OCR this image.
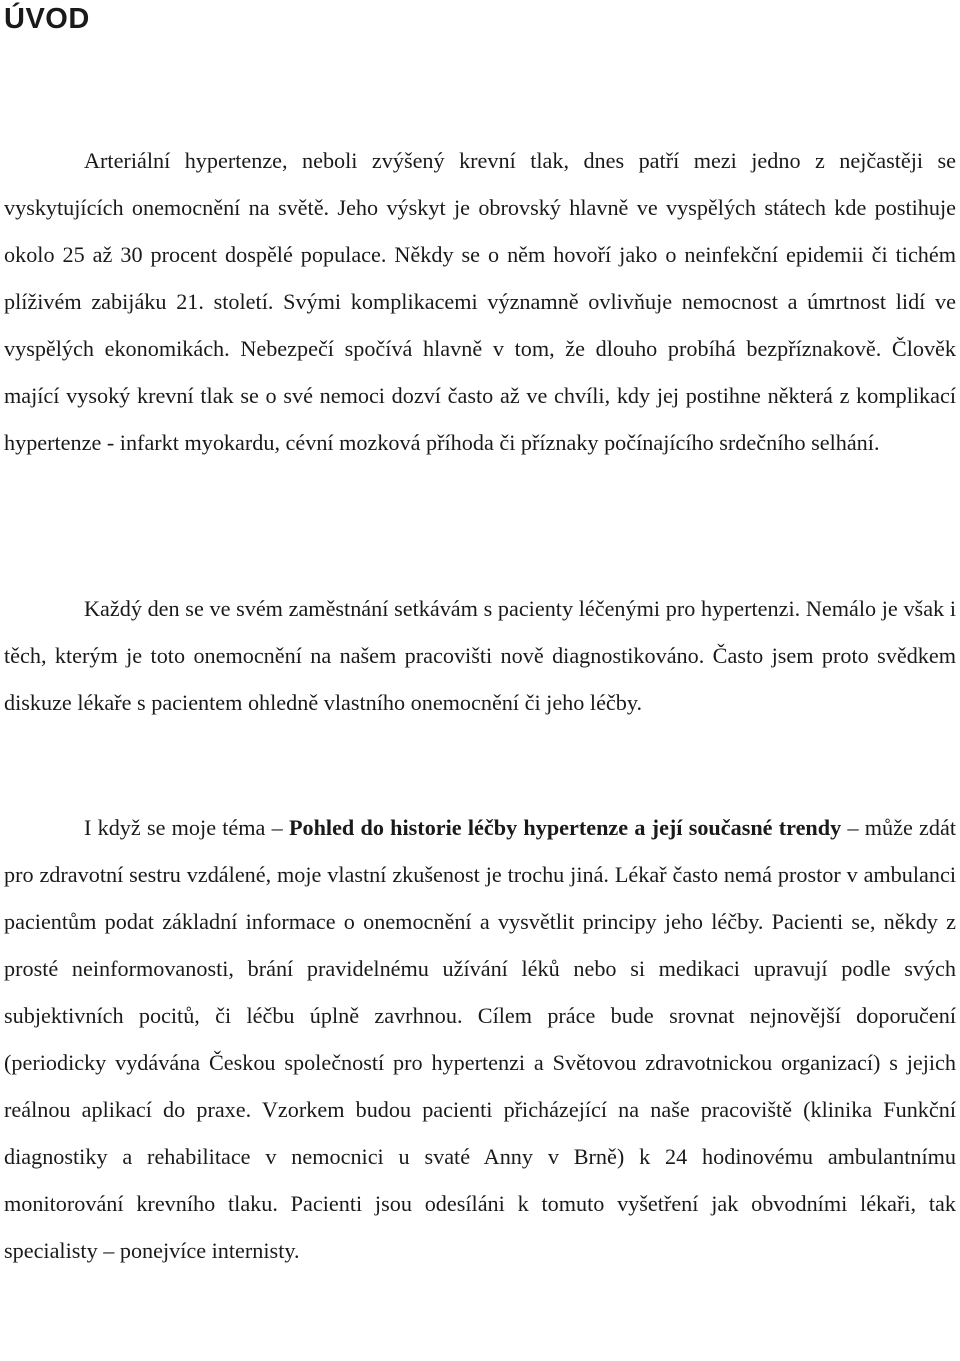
ÚVOD

Arteriální hypertenze, neboli zvýšený krevní tlak, dnes patří mezi jedno z nejčastěji se vyskytujících onemocnění na světě. Jeho výskyt je obrovský hlavně ve vyspělých státech kde postihuje okolo 25 až 30 procent dospělé populace. Někdy se o něm hovoří jako o neinfekční epidemii či tichém plíživém zabijáku 21. století. Svými komplikacemi významně ovlivňuje nemocnost a úmrtnost lidí ve vyspělých ekonomikách. Nebezpečí spočívá hlavně v tom, že dlouho probíhá bezpříznakově. Člověk mající vysoký krevní tlak se o své nemoci dozví často až ve chvíli, kdy jej postihne některá z komplikací hypertenze - infarkt myokardu, cévní mozková příhoda či příznaky počínajícího srdečního selhání.

Každý den se ve svém zaměstnání setkávám s pacienty léčenými pro hypertenzi. Nemálo je však i těch, kterým je toto onemocnění na našem pracovišti nově diagnostikováno. Často jsem proto svědkem diskuze lékaře s pacientem ohledně vlastního onemocnění či jeho léčby.

I když se moje téma – Pohled do historie léčby hypertenze a její současné trendy – může zdát pro zdravotní sestru vzdálené, moje vlastní zkušenost je trochu jiná. Lékař často nemá prostor v ambulanci pacientům podat základní informace o onemocnění a vysvětlit principy jeho léčby. Pacienti se, někdy z prosté neinformovanosti, brání pravidelnému užívání léků nebo si medikaci upravují podle svých subjektivních pocitů, či léčbu úplně zavrhnou. Cílem práce bude srovnat nejnovější doporučení (periodicky vydávána Českou společností pro hypertenzi a Světovou zdravotnickou organizací) s jejich reálnou aplikací do praxe. Vzorkem budou pacienti přicházející na naše pracoviště (klinika Funkční diagnostiky a rehabilitace v nemocnici u svaté Anny v Brně) k 24 hodinovému ambulantnímu monitorování krevního tlaku. Pacienti jsou odesíláni k tomuto vyšetření jak obvodními lékaři, tak specialisty – ponejvíce internisty.
